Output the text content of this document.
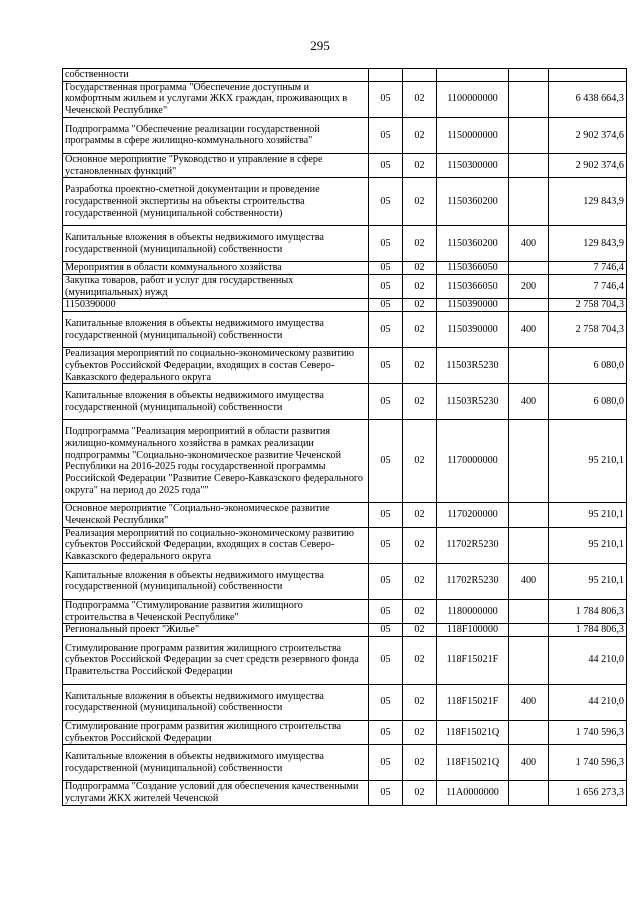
295
собственности					
Государственная программа "Обеспечение доступным и комфортным жильем и услугами ЖКХ граждан, проживающих в Чеченской Республике"	05	02	1100000000		6 438 664,3
Подпрограмма "Обеспечение реализации государственной программы в сфере жилищно-коммунального хозяйства"	05	02	1150000000		2 902 374,6
Основное мероприятие "Руководство и управление в сфере установленных функций"	05	02	1150300000		2 902 374,6
Разработка проектно-сметной документации и проведение государственной экспертизы на объекты строительства государственной (муниципальной собственности)	05	02	1150360200		129 843,9
Капитальные вложения в объекты недвижимого имущества государственной (муниципальной) собственности	05	02	1150360200	400	129 843,9
Мероприятия в области коммунального хозяйства	05	02	1150366050		7 746,4
Закупка товаров, работ и услуг для государственных (муниципальных) нужд	05	02	1150366050	200	7 746,4
1150390000	05	02	1150390000		2 758 704,3
Капитальные вложения в объекты недвижимого имущества государственной (муниципальной) собственности	05	02	1150390000	400	2 758 704,3
Реализация мероприятий по социально-экономическому развитию субъектов Российской Федерации, входящих в состав Северо-Кавказского федерального округа	05	02	11503R5230		6 080,0
Капитальные вложения в объекты недвижимого имущества государственной (муниципальной) собственности	05	02	11503R5230	400	6 080,0
Подпрограмма "Реализация мероприятий в области развития жилищно-коммунального хозяйства в рамках реализации подпрограммы "Социально-экономическое развитие Чеченской Республики на 2016-2025 годы государственной программы Российской Федерации "Развитие Северо-Кавказского федерального округа" на период до 2025 года""	05	02	1170000000		95 210,1
Основное мероприятие "Социально-экономическое развитие Чеченской Республики"	05	02	1170200000		95 210,1
Реализация мероприятий по социально-экономическому развитию субъектов Российской Федерации, входящих в состав Северо-Кавказского федерального округа	05	02	11702R5230		95 210,1
Капитальные вложения в объекты недвижимого имущества государственной (муниципальной) собственности	05	02	11702R5230	400	95 210,1
Подпрограмма "Стимулирование развития жилищного строительства в Чеченской Республике"	05	02	1180000000		1 784 806,3
Региональный проект "Жилье"	05	02	118F100000		1 784 806,3
Стимулирование программ развития жилищного строительства субъектов Российской Федерации за счет средств резервного фонда Правительства Российской Федерации	05	02	118F15021F		44 210,0
Капитальные вложения в объекты недвижимого имущества государственной (муниципальной) собственности	05	02	118F15021F	400	44 210,0
Стимулирование программ развития жилищного строительства субъектов Российской Федерации	05	02	118F15021Q		1 740 596,3
Капитальные вложения в объекты недвижимого имущества государственной (муниципальной) собственности	05	02	118F15021Q	400	1 740 596,3
Подпрограмма "Создание условий для обеспечения качественными услугами ЖКХ жителей Чеченской	05	02	11А0000000		1 656 273,3
